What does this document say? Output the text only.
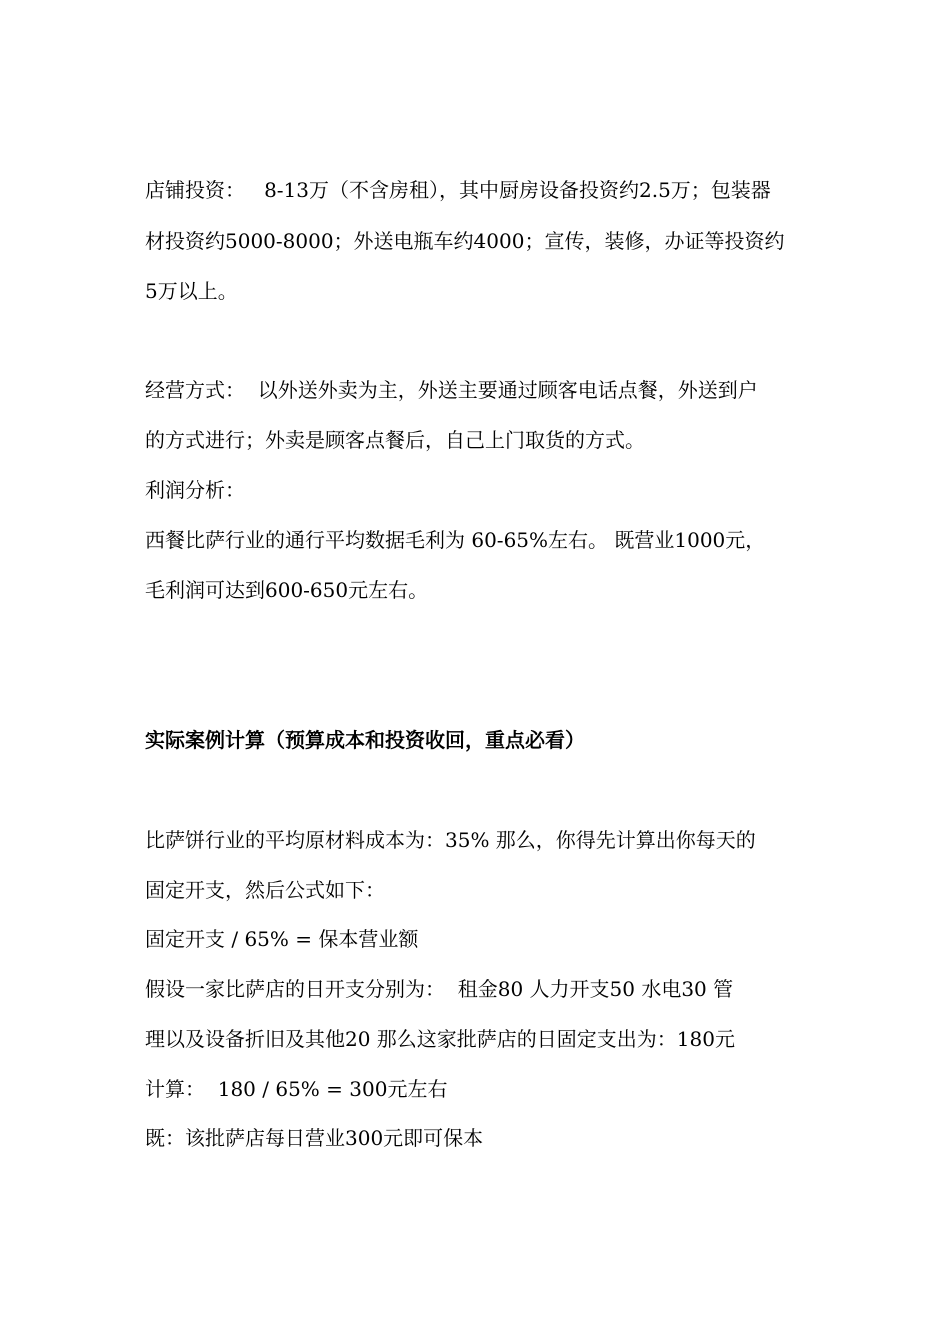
店铺投资：   8-13万（不含房租），其中厨房设备投资约2.5万；包装器
材投资约5000-8000；外送电瓶车约4000；宣传，装修，办证等投资约
5万以上。
经营方式：  以外送外卖为主，外送主要通过顾客电话点餐，外送到户
的方式进行；外卖是顾客点餐后，自己上门取货的方式。
利润分析：
西餐比萨行业的通行平均数据毛利为 60-65%左右。 既营业1000元，
毛利润可达到600-650元左右。
实际案例计算（预算成本和投资收回，重点必看）
比萨饼行业的平均原材料成本为：35% 那么，你得先计算出你每天的
固定开支，然后公式如下：
固定开支 / 65% = 保本营业额
假设一家比萨店的日开支分别为：  租金80 人力开支50 水电30 管
理以及设备折旧及其他20 那么这家批萨店的日固定支出为：180元
计算：  180 / 65% = 300元左右
既：该批萨店每日营业300元即可保本
